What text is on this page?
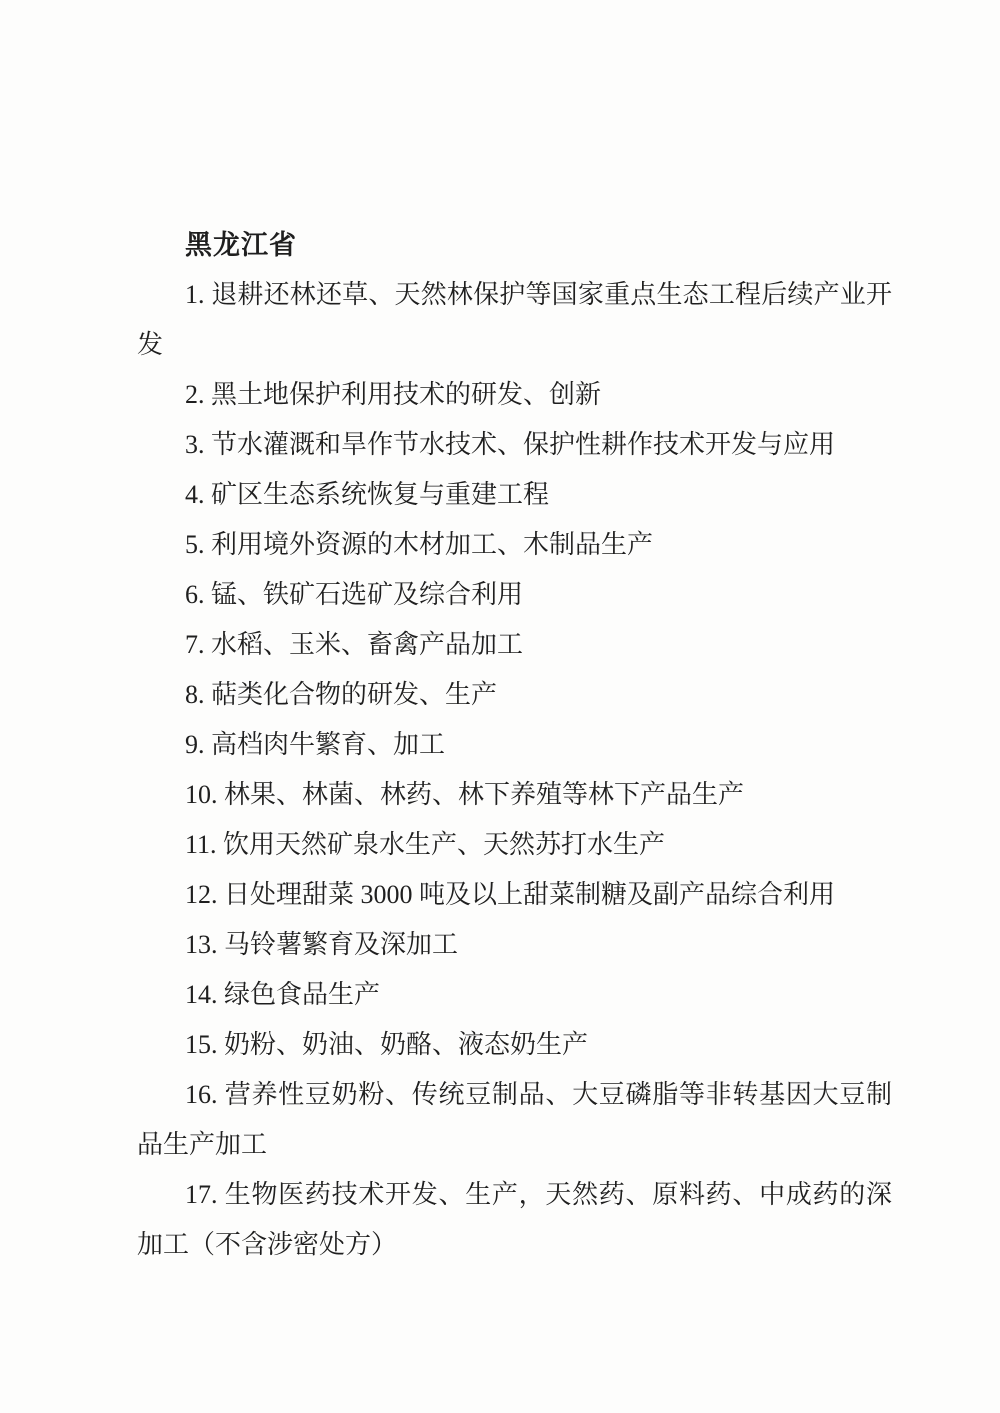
黑龙江省

1. 退耕还林还草、天然林保护等国家重点生态工程后续产业开发

2. 黑土地保护利用技术的研发、创新

3. 节水灌溉和旱作节水技术、保护性耕作技术开发与应用

4. 矿区生态系统恢复与重建工程

5. 利用境外资源的木材加工、木制品生产

6. 锰、铁矿石选矿及综合利用

7. 水稻、玉米、畜禽产品加工

8. 萜类化合物的研发、生产

9. 高档肉牛繁育、加工

10. 林果、林菌、林药、林下养殖等林下产品生产

11. 饮用天然矿泉水生产、天然苏打水生产

12. 日处理甜菜 3000 吨及以上甜菜制糖及副产品综合利用

13. 马铃薯繁育及深加工

14. 绿色食品生产

15. 奶粉、奶油、奶酪、液态奶生产

16. 营养性豆奶粉、传统豆制品、大豆磷脂等非转基因大豆制品生产加工

17. 生物医药技术开发、生产，天然药、原料药、中成药的深加工（不含涉密处方）
